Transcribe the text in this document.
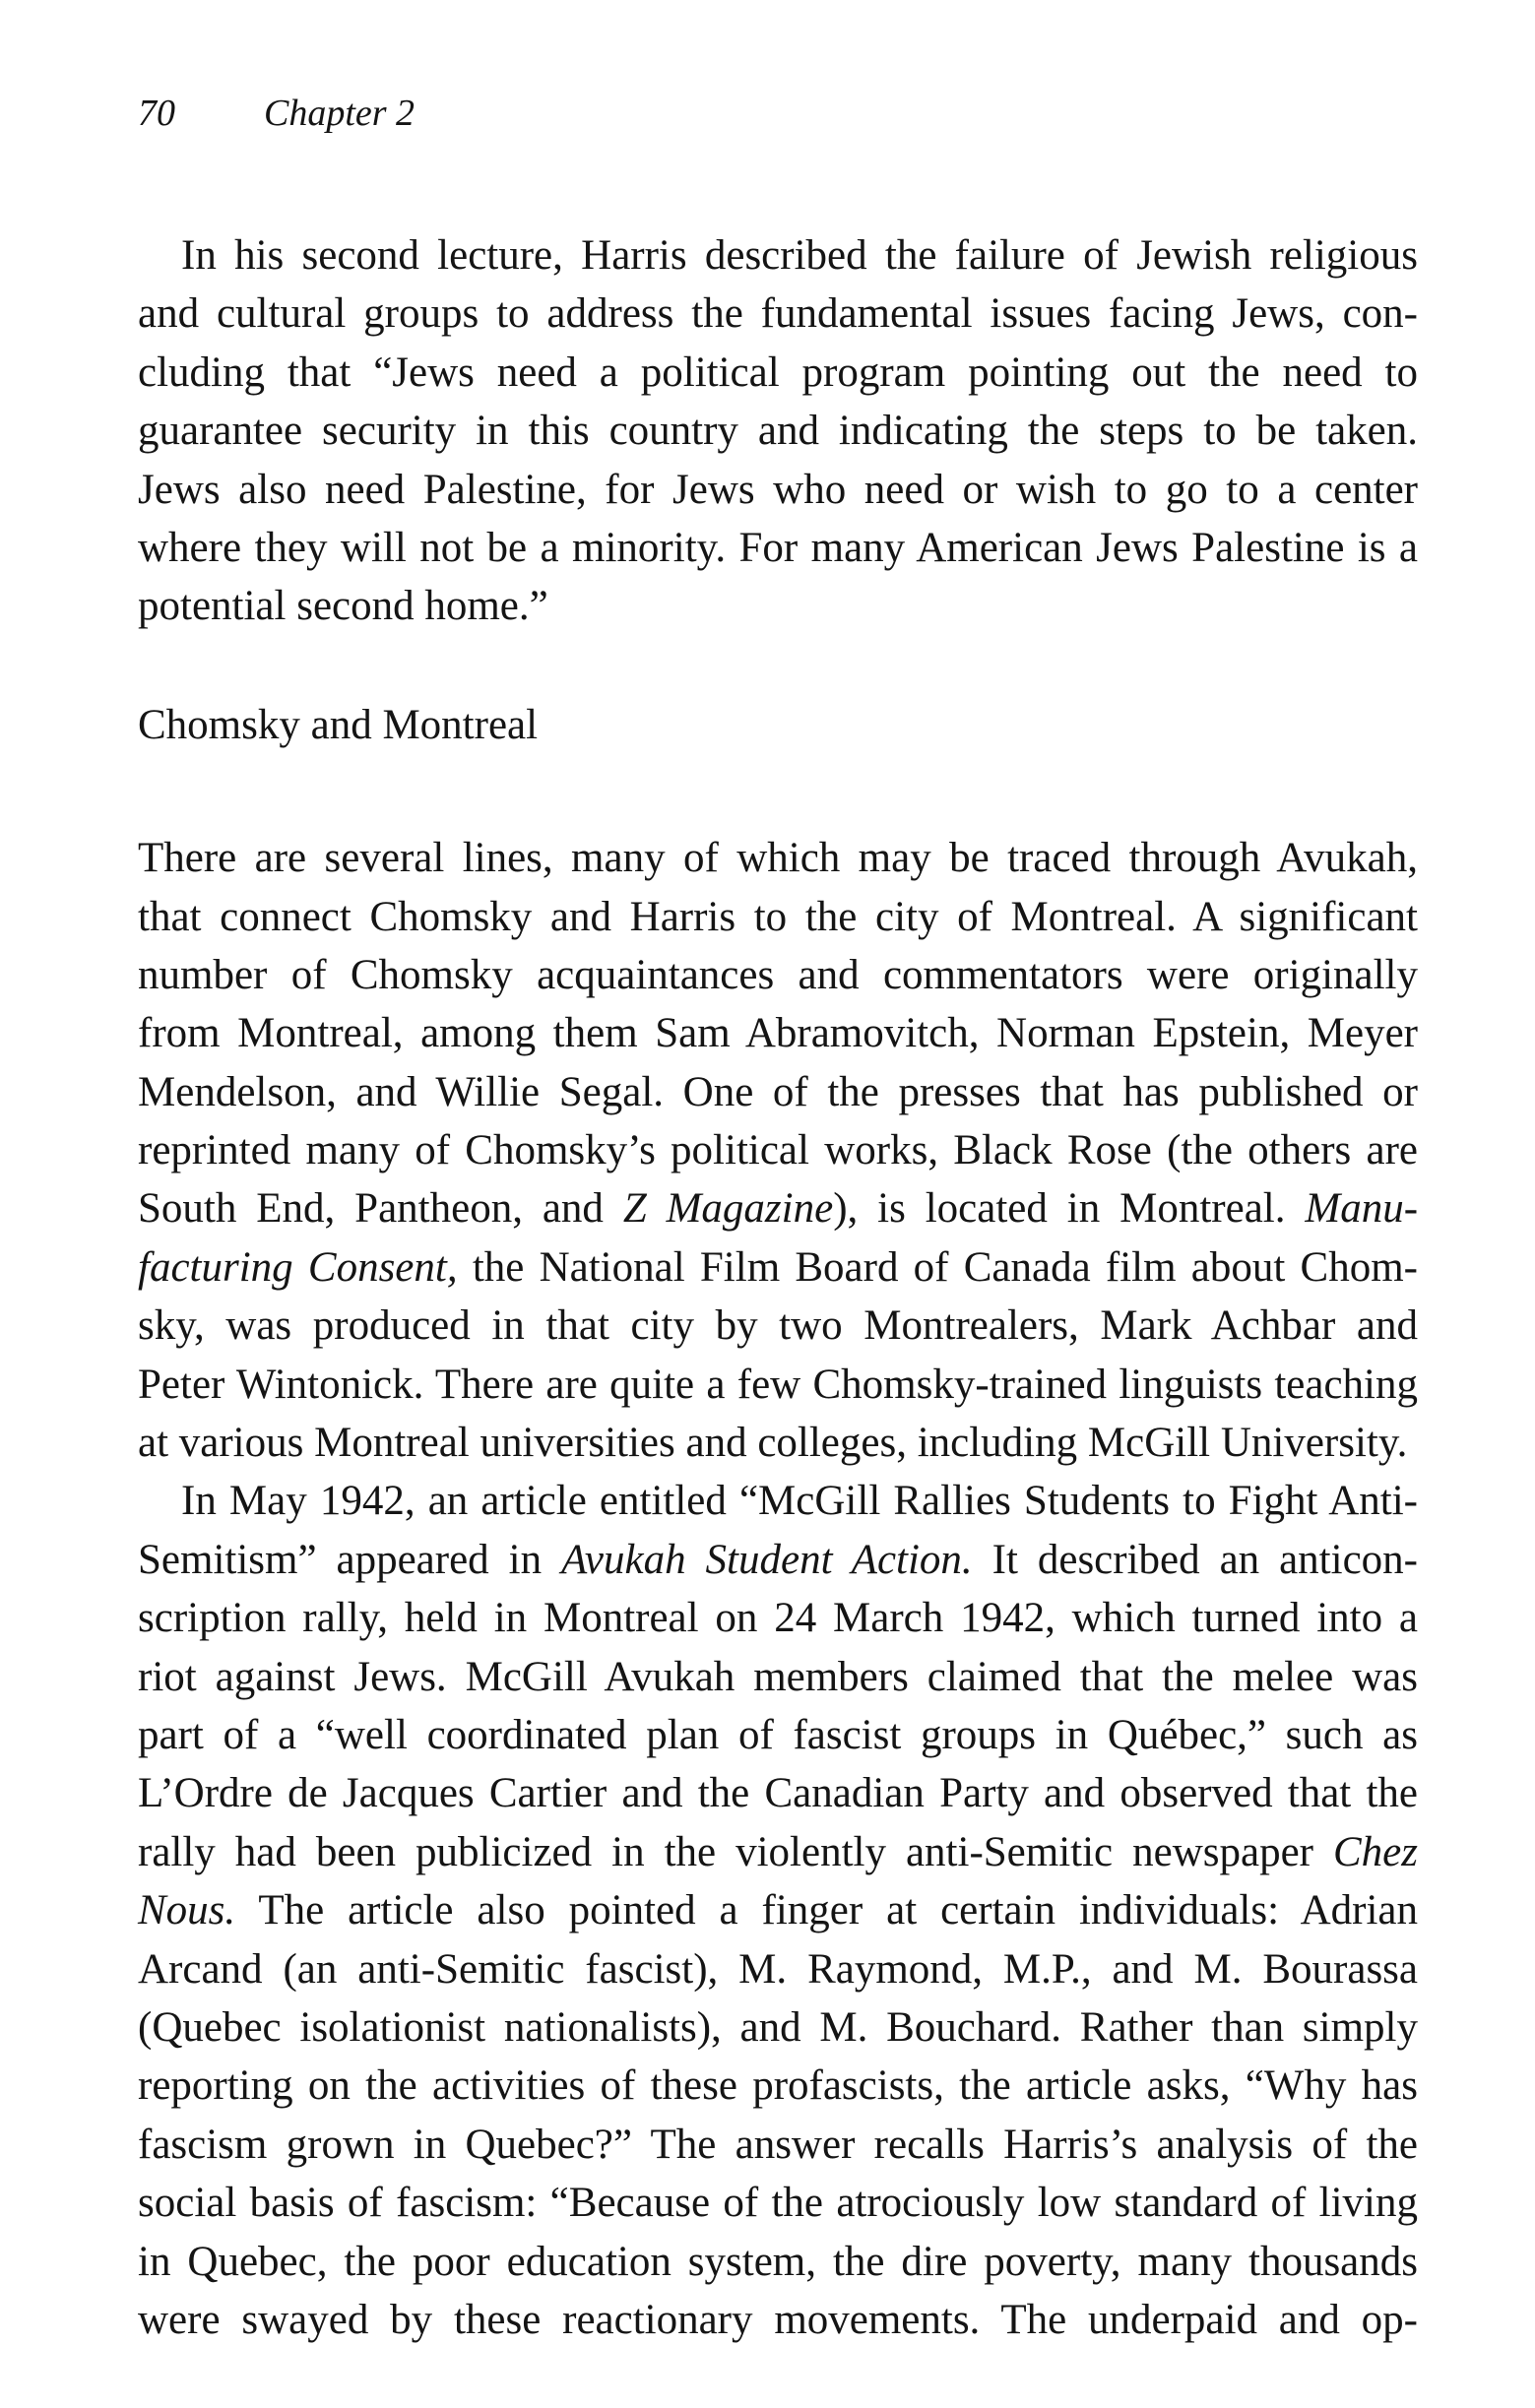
70 Chapter 2
In his second lecture, Harris described the failure of Jewish religious
and cultural groups to address the fundamental issues facing Jews, con-
cluding that “Jews need a political program pointing out the need to
guarantee security in this country and indicating the steps to be taken.
Jews also need Palestine, for Jews who need or wish to go to a center
where they will not be a minority. For many American Jews Palestine is a
potential second home.”
Chomsky and Montreal
There are several lines, many of which may be traced through Avukah,
that connect Chomsky and Harris to the city of Montreal. A significant
number of Chomsky acquaintances and commentators were originally
from Montreal, among them Sam Abramovitch, Norman Epstein, Meyer
Mendelson, and Willie Segal. One of the presses that has published or
reprinted many of Chomsky’s political works, Black Rose (the others are
South End, Pantheon, and Z Magazine), is located in Montreal. Manu-
facturing Consent, the National Film Board of Canada film about Chom-
sky, was produced in that city by two Montrealers, Mark Achbar and
Peter Wintonick. There are quite a few Chomsky-trained linguists teaching
at various Montreal universities and colleges, including McGill University.
In May 1942, an article entitled “McGill Rallies Students to Fight Anti-
Semitism” appeared in Avukah Student Action. It described an anticon-
scription rally, held in Montreal on 24 March 1942, which turned into a
riot against Jews. McGill Avukah members claimed that the melee was
part of a “well coordinated plan of fascist groups in Québec,” such as
L’Ordre de Jacques Cartier and the Canadian Party and observed that the
rally had been publicized in the violently anti-Semitic newspaper Chez
Nous. The article also pointed a finger at certain individuals: Adrian
Arcand (an anti-Semitic fascist), M. Raymond, M.P., and M. Bourassa
(Quebec isolationist nationalists), and M. Bouchard. Rather than simply
reporting on the activities of these profascists, the article asks, “Why has
fascism grown in Quebec?” The answer recalls Harris’s analysis of the
social basis of fascism: “Because of the atrociously low standard of living
in Quebec, the poor education system, the dire poverty, many thousands
were swayed by these reactionary movements. The underpaid and op-
